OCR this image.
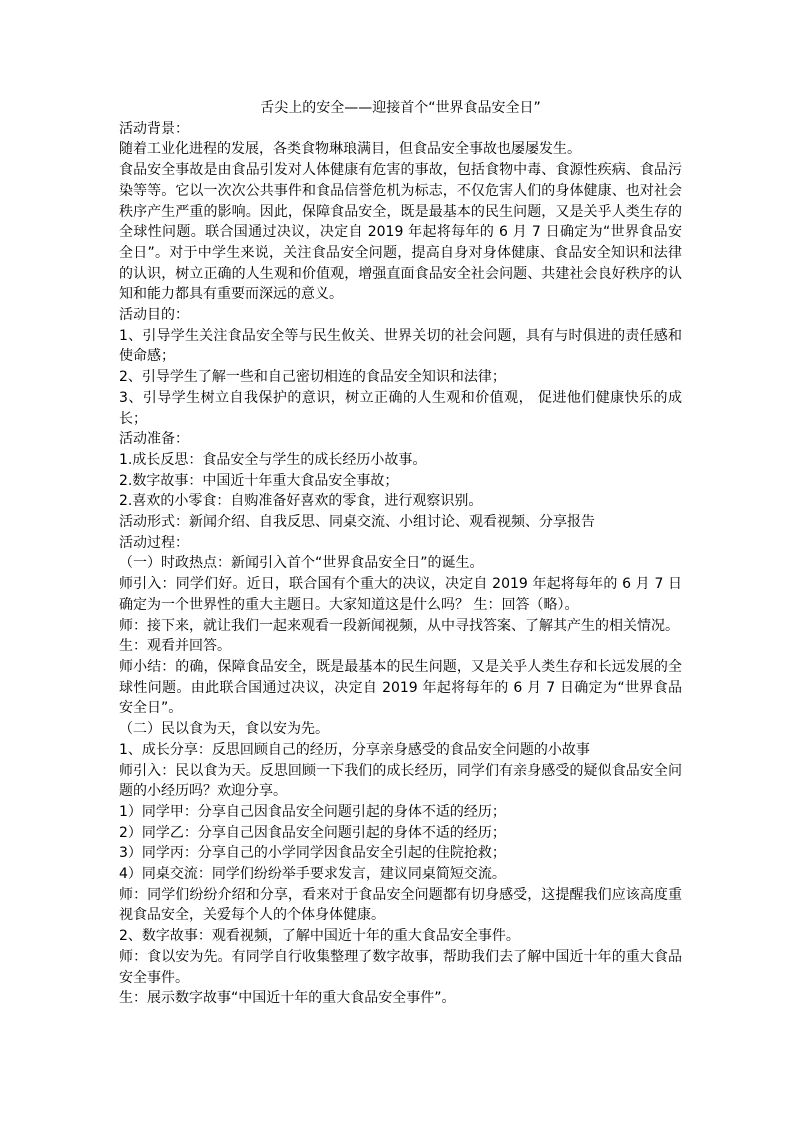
舌尖上的安全——迎接首个“世界食品安全日”

活动背景：

随着工业化进程的发展，各类食物琳琅满目，但食品安全事故也屡屡发生。

食品安全事故是由食品引发对人体健康有危害的事故，包括食物中毒、食源性疾病、食品污染等等。它以一次次公共事件和食品信誉危机为标志，不仅危害人们的身体健康、也对社会秩序产生严重的影响。因此，保障食品安全，既是最基本的民生问题，又是关乎人类生存的全球性问题。联合国通过决议，决定自 2019 年起将每年的 6 月 7 日确定为“世界食品安全日”。对于中学生来说，关注食品安全问题，提高自身对身体健康、食品安全知识和法律的认识，树立正确的人生观和价值观，增强直面食品安全社会问题、共建社会良好秩序的认知和能力都具有重要而深远的意义。

活动目的：

1、引导学生关注食品安全等与民生攸关、世界关切的社会问题，具有与时俱进的责任感和使命感；

2、引导学生了解一些和自己密切相连的食品安全知识和法律；

3、引导学生树立自我保护的意识，树立正确的人生观和价值观， 促进他们健康快乐的成长；

活动准备：

1.成长反思：食品安全与学生的成长经历小故事。

2.数字故事：中国近十年重大食品安全事故；

2.喜欢的小零食：自购准备好喜欢的零食，进行观察识别。

活动形式：新闻介绍、自我反思、同桌交流、小组讨论、观看视频、分享报告

活动过程：

（一）时政热点：新闻引入首个“世界食品安全日”的诞生。

师引入：同学们好。近日，联合国有个重大的决议，决定自 2019 年起将每年的 6 月 7 日确定为一个世界性的重大主题日。大家知道这是什么吗？ 生：回答（略）。

师：接下来，就让我们一起来观看一段新闻视频，从中寻找答案、了解其产生的相关情况。

生：观看并回答。

师小结：的确，保障食品安全，既是最基本的民生问题，又是关乎人类生存和长远发展的全球性问题。由此联合国通过决议，决定自 2019 年起将每年的 6 月 7 日确定为“世界食品安全日”。

（二）民以食为天，食以安为先。

1、成长分享：反思回顾自己的经历，分享亲身感受的食品安全问题的小故事

师引入：民以食为天。反思回顾一下我们的成长经历，同学们有亲身感受的疑似食品安全问题的小经历吗？欢迎分享。

1）同学甲：分享自己因食品安全问题引起的身体不适的经历；

2）同学乙：分享自己因食品安全问题引起的身体不适的经历；

3）同学丙：分享自己的小学同学因食品安全引起的住院抢救；

4）同桌交流：同学们纷纷举手要求发言，建议同桌简短交流。

师：同学们纷纷介绍和分享，看来对于食品安全问题都有切身感受，这提醒我们应该高度重视食品安全，关爱每个人的个体身体健康。

2、数字故事：观看视频，了解中国近十年的重大食品安全事件。

师：食以安为先。有同学自行收集整理了数字故事，帮助我们去了解中国近十年的重大食品安全事件。

生：展示数字故事“中国近十年的重大食品安全事件”。
